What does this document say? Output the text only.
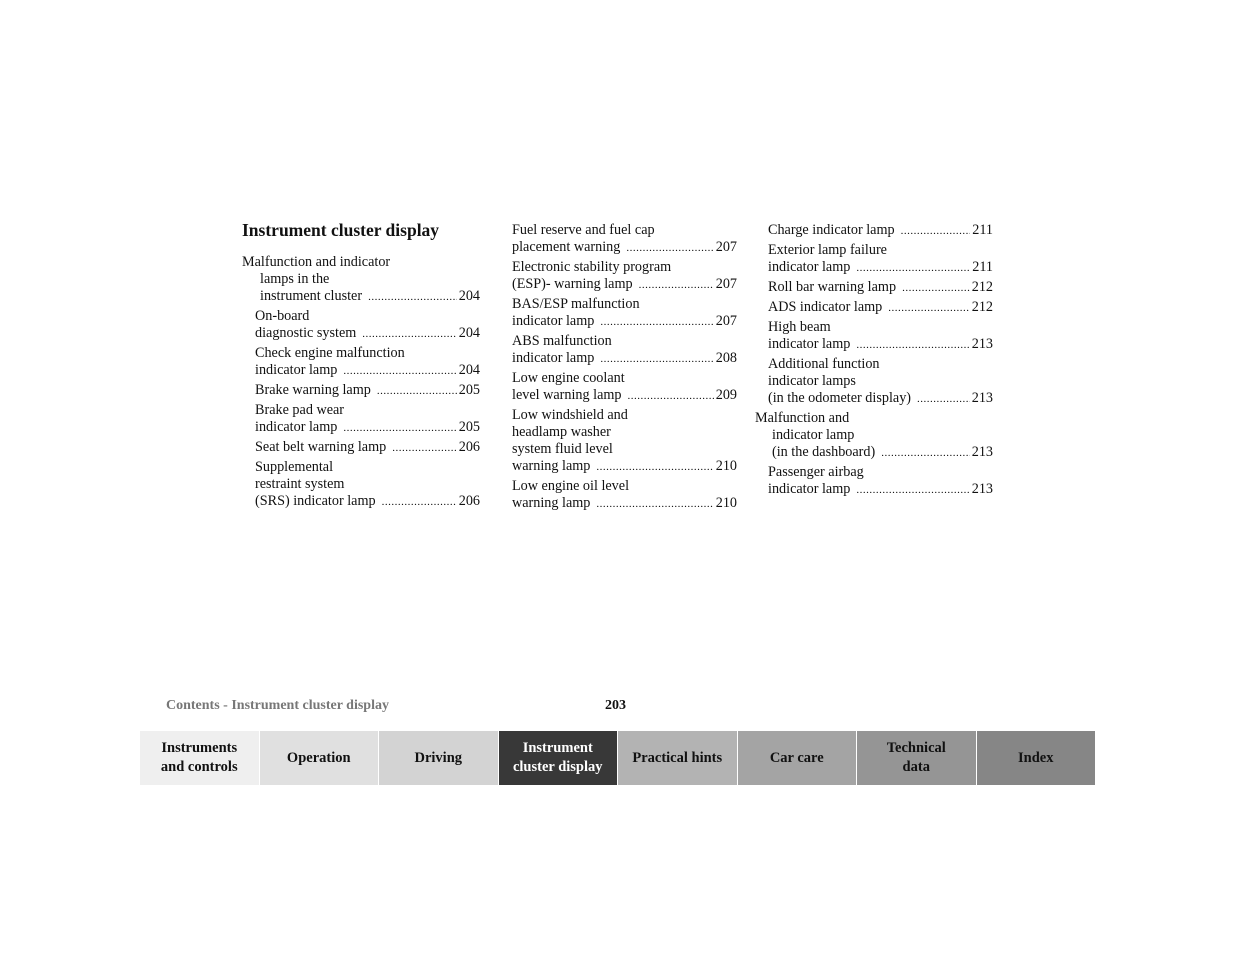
Instrument cluster display
Malfunction and indicator
lamps in the
instrument cluster .....	204
On-board
diagnostic system .....	204
Check engine malfunction
indicator lamp .....	204
Brake warning lamp .....	205
Brake pad wear
indicator lamp .....	205
Seat belt warning lamp .....	206
Supplemental
restraint system
(SRS) indicator lamp .....	206
Fuel reserve and fuel cap
placement warning .....	207
Electronic stability program
(ESP)- warning lamp .....	207
BAS/ESP malfunction
indicator lamp .....	207
ABS malfunction
indicator lamp .....	208
Low engine coolant
level warning lamp .....	209
Low windshield and
headlamp washer
system fluid level
warning lamp .....	210
Low engine oil level
warning lamp .....	210
Charge indicator lamp .....	211
Exterior lamp failure
indicator lamp .....	211
Roll bar warning lamp .....	212
ADS indicator lamp .....	212
High beam
indicator lamp .....	213
Additional function
indicator lamps
(in the odometer display) .....	213
Malfunction and
indicator lamp
(in the dashboard) .....	213
Passenger airbag
indicator lamp .....	213
Contents - Instrument cluster display	203
Instruments
and controls
Operation	Driving
Instrument
cluster display
Practical hints	Car care
Technical
data
Index
